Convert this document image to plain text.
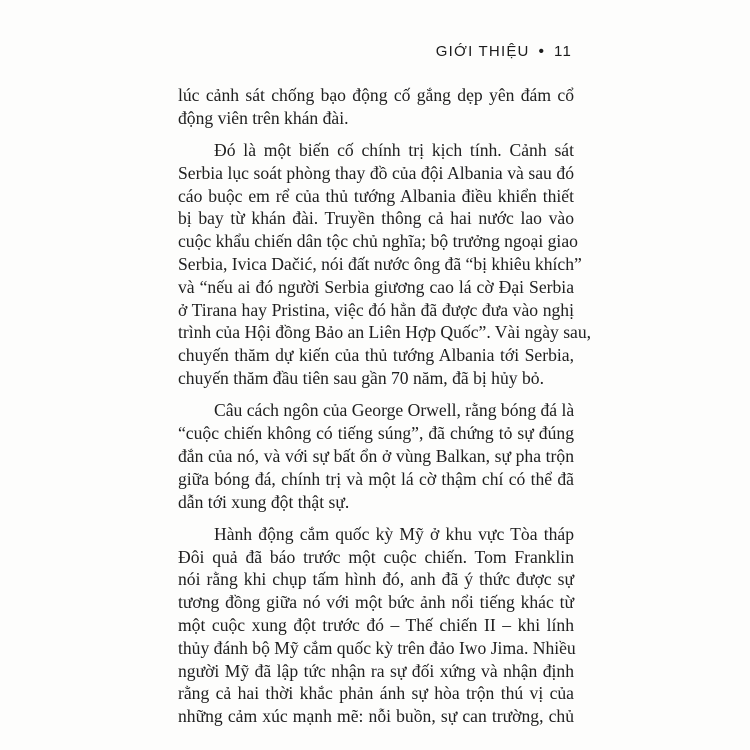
GIỚI THIỆU • 11
lúc cảnh sát chống bạo động cố gắng dẹp yên đám cổ
động viên trên khán đài.
Đó là một biến cố chính trị kịch tính. Cảnh sát
Serbia lục soát phòng thay đồ của đội Albania và sau đó
cáo buộc em rể của thủ tướng Albania điều khiển thiết
bị bay từ khán đài. Truyền thông cả hai nước lao vào
cuộc khẩu chiến dân tộc chủ nghĩa; bộ trưởng ngoại giao
Serbia, Ivica Dačić, nói đất nước ông đã “bị khiêu khích”
và “nếu ai đó người Serbia giương cao lá cờ Đại Serbia
ở Tirana hay Pristina, việc đó hẳn đã được đưa vào nghị
trình của Hội đồng Bảo an Liên Hợp Quốc”. Vài ngày sau,
chuyến thăm dự kiến của thủ tướng Albania tới Serbia,
chuyến thăm đầu tiên sau gần 70 năm, đã bị hủy bỏ.
Câu cách ngôn của George Orwell, rằng bóng đá là
“cuộc chiến không có tiếng súng”, đã chứng tỏ sự đúng
đắn của nó, và với sự bất ổn ở vùng Balkan, sự pha trộn
giữa bóng đá, chính trị và một lá cờ thậm chí có thể đã
dẫn tới xung đột thật sự.
Hành động cắm quốc kỳ Mỹ ở khu vực Tòa tháp
Đôi quả đã báo trước một cuộc chiến. Tom Franklin
nói rằng khi chụp tấm hình đó, anh đã ý thức được sự
tương đồng giữa nó với một bức ảnh nổi tiếng khác từ
một cuộc xung đột trước đó – Thế chiến II – khi lính
thủy đánh bộ Mỹ cắm quốc kỳ trên đảo Iwo Jima. Nhiều
người Mỹ đã lập tức nhận ra sự đối xứng và nhận định
rằng cả hai thời khắc phản ánh sự hòa trộn thú vị của
những cảm xúc mạnh mẽ: nỗi buồn, sự can trường, chủ
